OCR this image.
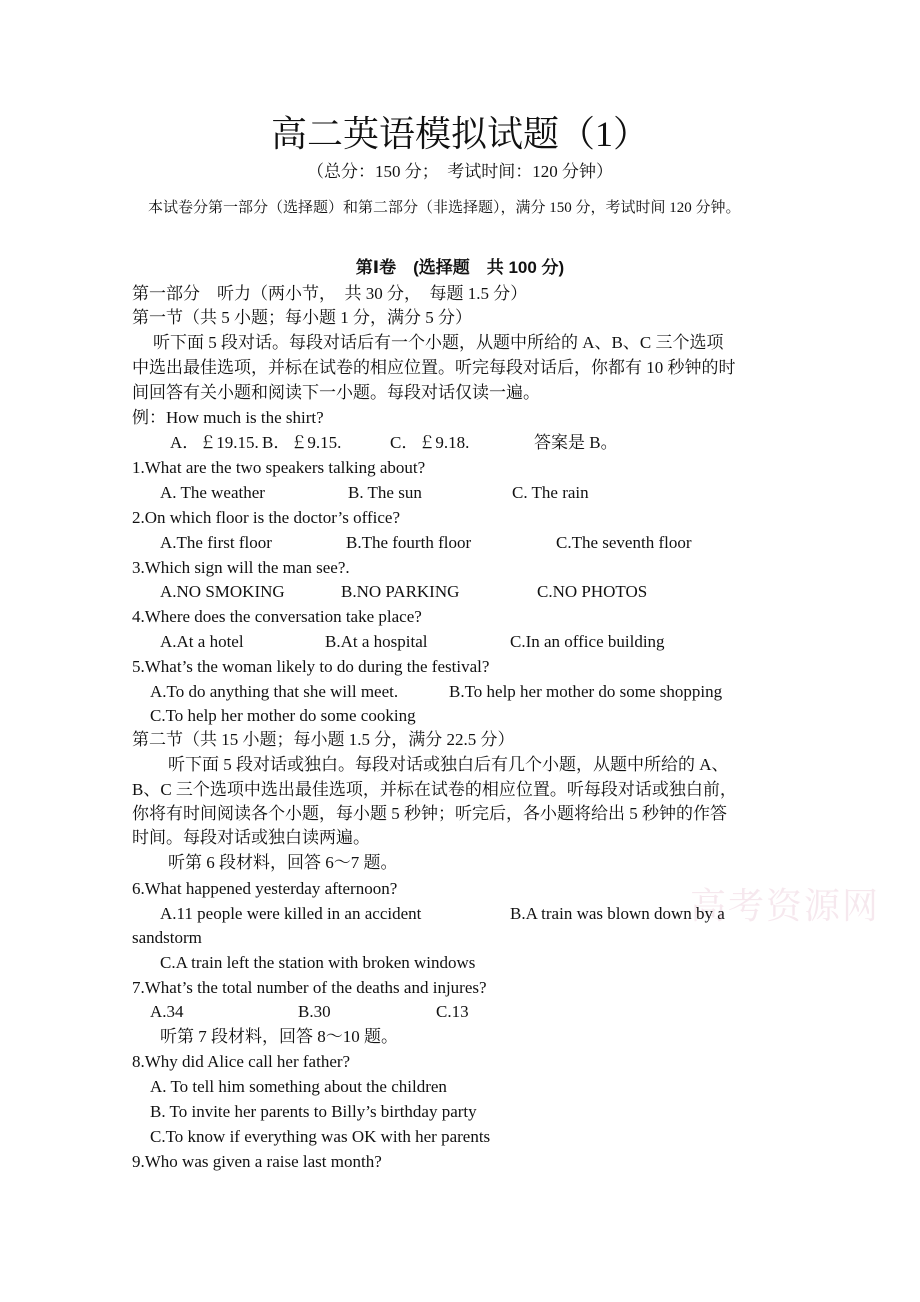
高考资源网
高二英语模拟试题（1）
（总分：150 分；　考试时间：120 分钟）
本试卷分第一部分（选择题）和第二部分（非选择题），满分 150 分，考试时间 120 分钟。
第Ⅰ卷　(选择题　共 100 分)
第一部分　听力（两小节，　共 30 分，　每题 1.5 分）
第一节（共 5 小题；每小题 1 分，满分 5 分）
听下面 5 段对话。每段对话后有一个小题，从题中所给的 A、B、C 三个选项
中选出最佳选项，并标在试卷的相应位置。听完每段对话后，你都有 10 秒钟的时
间回答有关小题和阅读下一小题。每段对话仅读一遍。
例：How much is the shirt?
A．￡19.15. B．￡9.15.	C．￡9.18.	答案是 B。
1.What are the two speakers talking about?
A. The weather	B. The sun	C. The rain
2.On which floor is the doctor’s office?
A.The first floor	B.The fourth floor	C.The seventh floor
3.Which sign will the man see?.
A.NO SMOKING	B.NO PARKING	C.NO PHOTOS
4.Where does the conversation take place?
A.At a hotel	B.At a hospital	C.In an office building
5.What’s the woman likely to do during the festival?
A.To do anything that she will meet.	B.To help her mother do some shopping
C.To help her mother do some cooking
第二节（共 15 小题；每小题 1.5 分，满分 22.5 分）
听下面 5 段对话或独白。每段对话或独白后有几个小题，从题中所给的 A、
B、C 三个选项中选出最佳选项，并标在试卷的相应位置。听每段对话或独白前，
你将有时间阅读各个小题，每小题 5 秒钟；听完后，各小题将给出 5 秒钟的作答
时间。每段对话或独白读两遍。
听第 6 段材料，回答 6～7 题。
6.What happened yesterday afternoon?
A.11 people were killed in an accident	B.A train was blown down by a
sandstorm
C.A train left the station with broken windows
7.What’s the total number of the deaths and injures?
A.34	B.30	C.13
听第 7 段材料，回答 8～10 题。
8.Why did Alice call her father?
A. To tell him something about the children
B. To invite her parents to Billy’s birthday party
C.To know if everything was OK with her parents
9.Who was given a raise last month?
